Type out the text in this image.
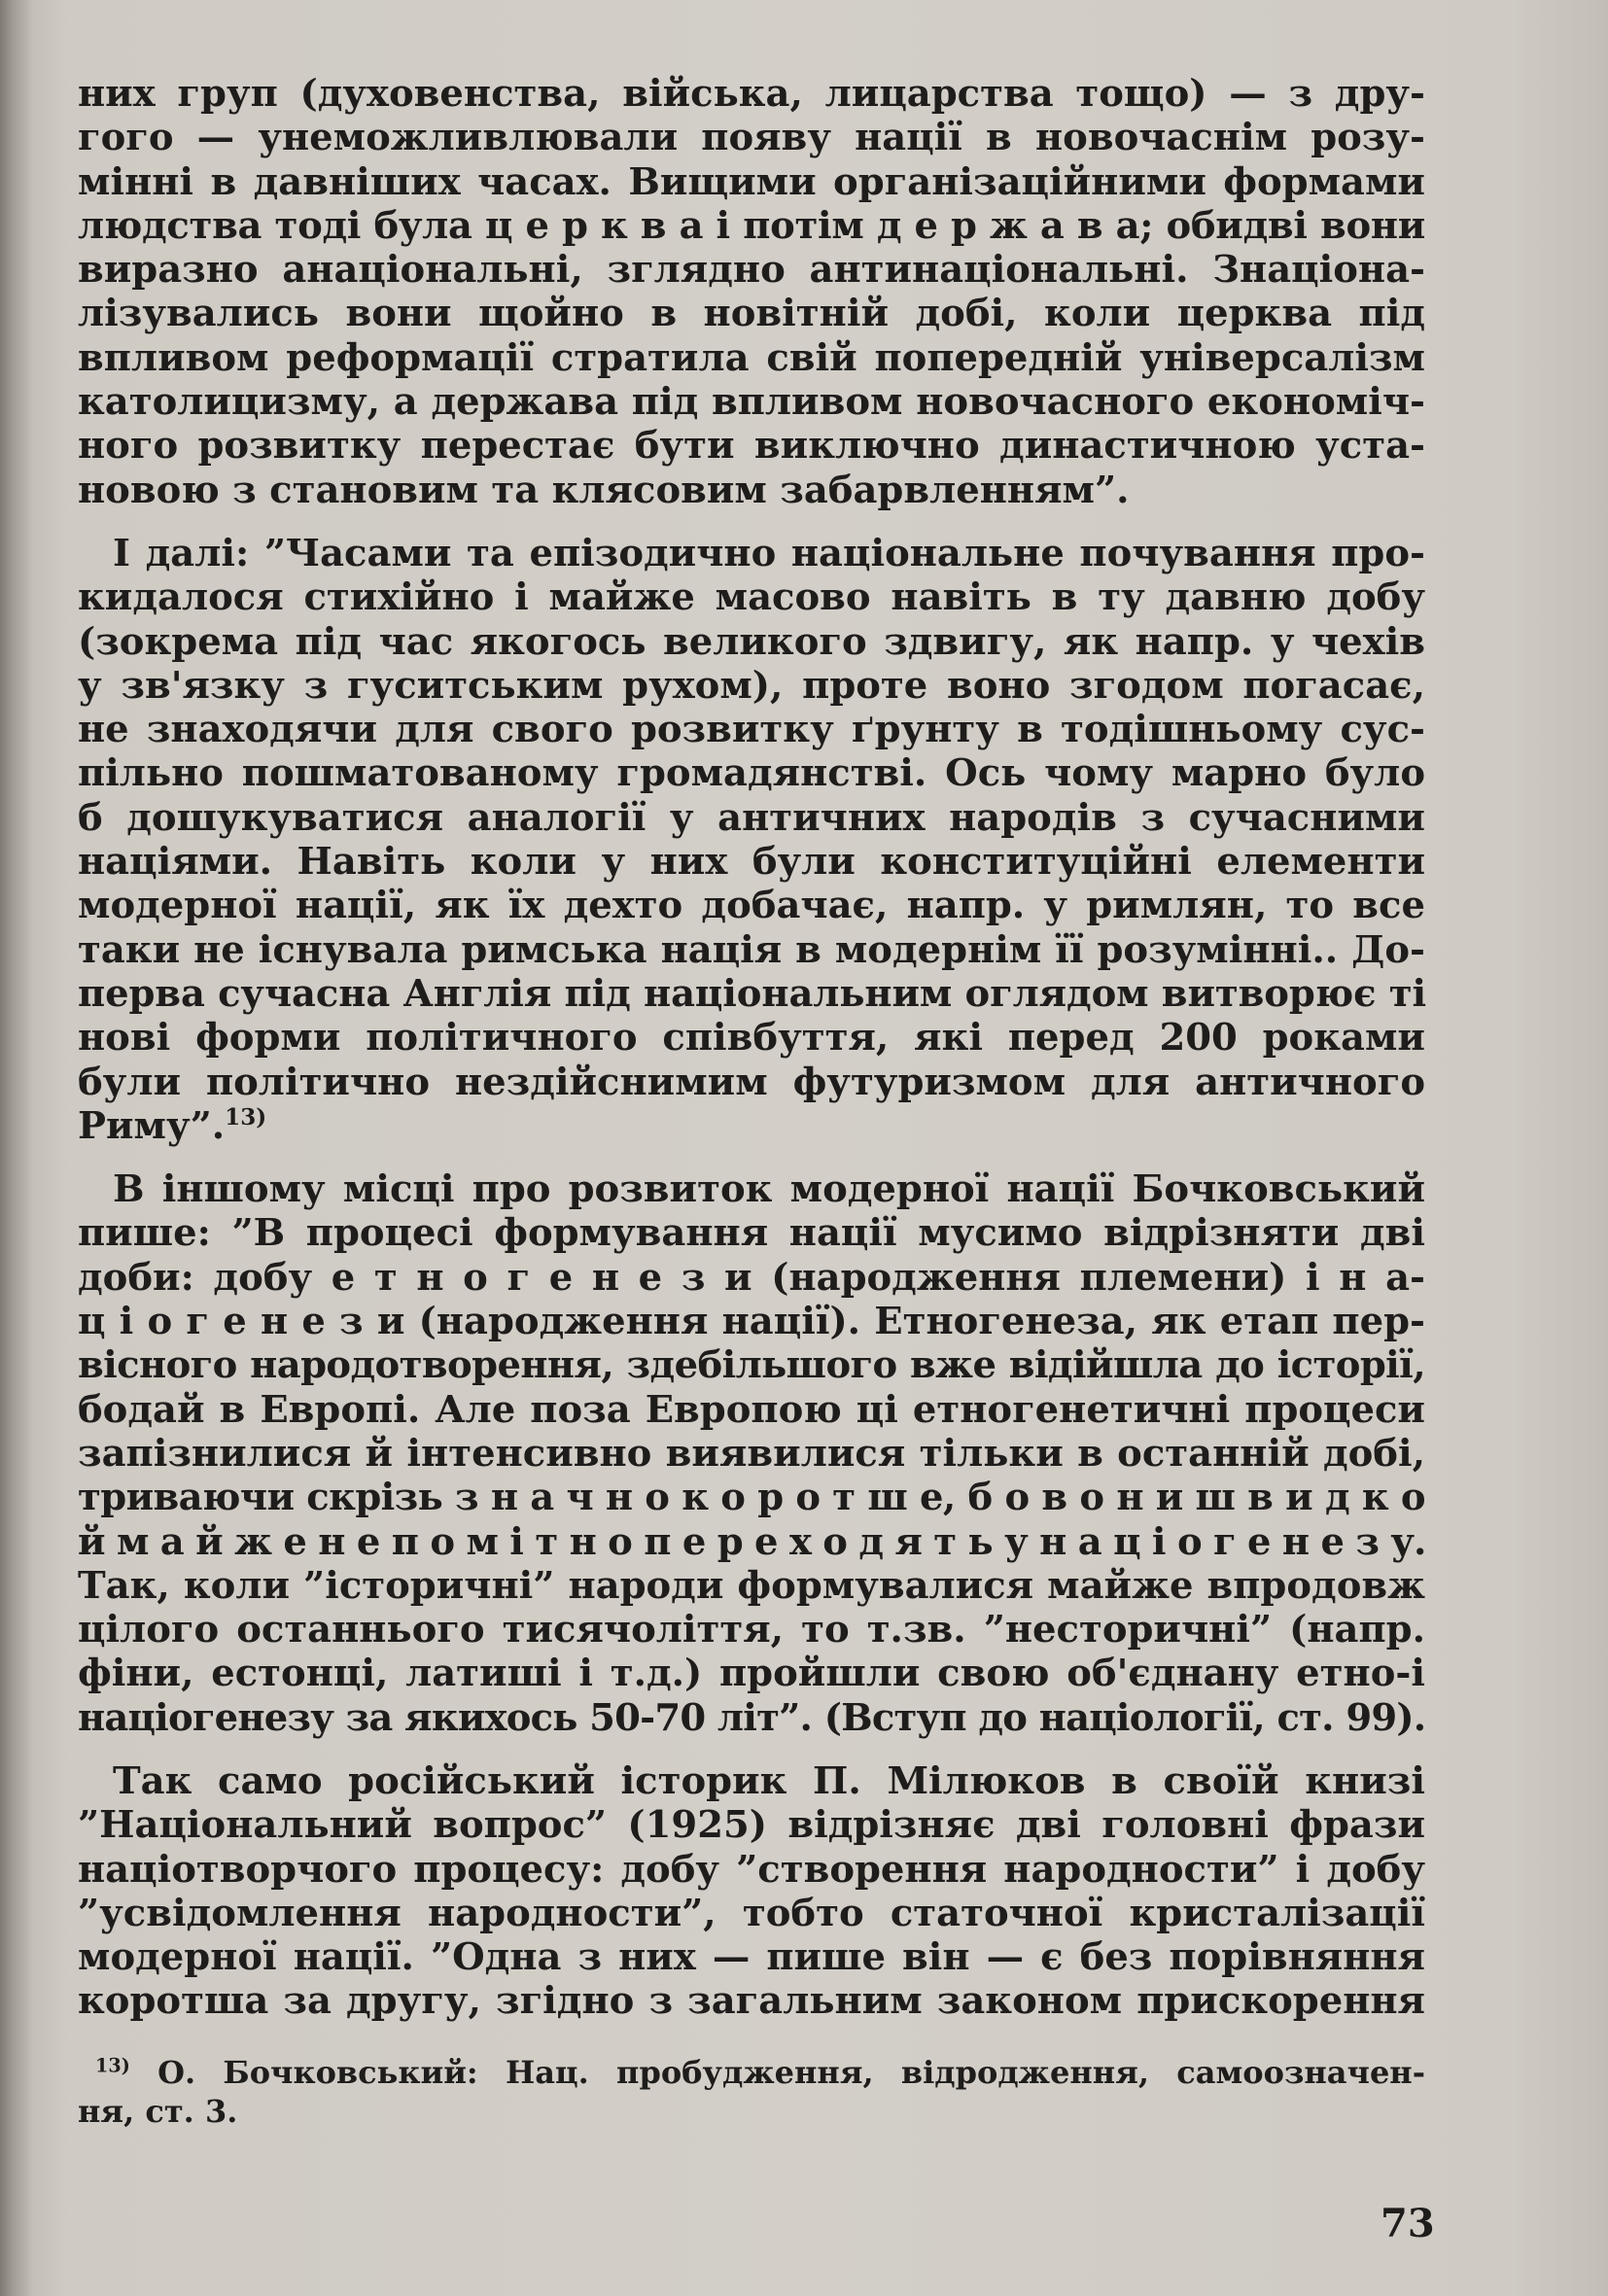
них груп (духовенства, війська, лицарства тощо) — з дру-
гого — унеможливлювали появу нації в новочаснім розу-
мінні в давніших часах. Вищими організаційними формами
людства тоді була ц е р к в а і потім д е р ж а в а; обидві вони
виразно анаціональні, зглядно антинаціональні. Знаціона-
лізувались вони щойно в новітній добі, коли церква під
впливом реформації стратила свій попередній універсалізм
католицизму, а держава під впливом новочасного економіч-
ного розвитку перестає бути виключно династичною уста-
новою з становим та клясовим забарвленням”.

І далі: ”Часами та епізодично національне почування про-
кидалося стихійно і майже масово навіть в ту давню добу
(зокрема під час якогось великого здвигу, як напр. у чехів
у зв'язку з гуситським рухом), проте воно згодом погасає,
не знаходячи для свого розвитку ґрунту в тодішньому сус-
пільно пошматованому громадянстві. Ось чому марно було
б дошукуватися аналогії у античних народів з сучасними
націями. Навіть коли у них були конституційні елементи
модерної нації, як їх дехто добачає, напр. у римлян, то все
таки не існувала римська нація в модернім її розумінні.. До-
перва сучасна Англія під національним оглядом витворює ті
нові форми політичного співбуття, які перед 200 роками
були політично нездійснимим футуризмом для античного
Риму”.$^{13)}$

В іншому місці про розвиток модерної нації Бочковський
пише: ”В процесі формування нації мусимо відрізняти дві
доби: добу е т н о г е н е з и (народження племени) і н а-
ц і о г е н е з и (народження нації). Етногенеза, як етап пер-
вісного народотворення, здебільшого вже відійшла до історії,
бодай в Европі. Але поза Европою ці етногенетичні процеси
запізнилися й інтенсивно виявилися тільки в останній добі,
триваючи скрізь з н а ч н о к о р о т ш е, б о в о н и ш в и д к о
й м а й ж е н е п о м і т н о п е р е х о д я т ь у н а ц і о г е н е з у.
Так, коли ”історичні” народи формувалися майже впродовж
цілого останнього тисячоліття, то т.зв. ”несторичні” (напр.
фіни, естонці, латиші і т.д.) пройшли свою об'єднану етно-і
націогенезу за якихось 50-70 літ”. (Вступ до націології, ст. 99).

Так само російський історик П. Мілюков в своїй книзі
”Національний вопрос” (1925) відрізняє дві головні фрази
націотворчого процесу: добу ”створення народности” і добу
”усвідомлення народности”, тобто статочної кристалізації
модерної нації. ”Одна з них — пише він — є без порівняння
коротша за другу, згідно з загальним законом прискорення

$^{13)}$ О. Бочковський: Нац. пробудження, відродження, самоозначен-
ня, ст. 3.
73
